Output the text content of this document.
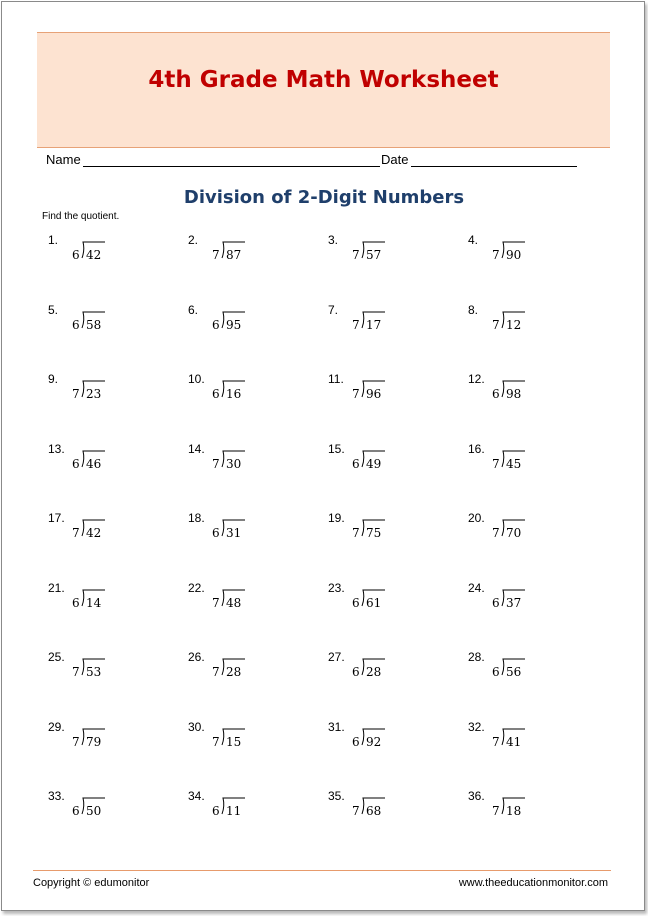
4th Grade Math Worksheet
Name	Date
Division of 2-Digit Numbers
Find the quotient.
1.
6 42
2.
7 87
3.
7 57
4.
7 90
5.
6 58
6.
6 95
7.
7 17
8.
7 12
9.
7 23
10.
6 16
11.
7 96
12.
6 98
13.
6 46
14.
7 30
15.
6 49
16.
7 45
17.
7 42
18.
6 31
19.
7 75
20.
7 70
21.
6 14
22.
7 48
23.
6 61
24.
6 37
25.
7 53
26.
7 28
27.
6 28
28.
6 56
29.
7 79
30.
7 15
31.
6 92
32.
7 41
33.
6 50
34.
6 11
35.
7 68
36.
7 18
Copyright © edumonitor	www.theeducationmonitor.com
